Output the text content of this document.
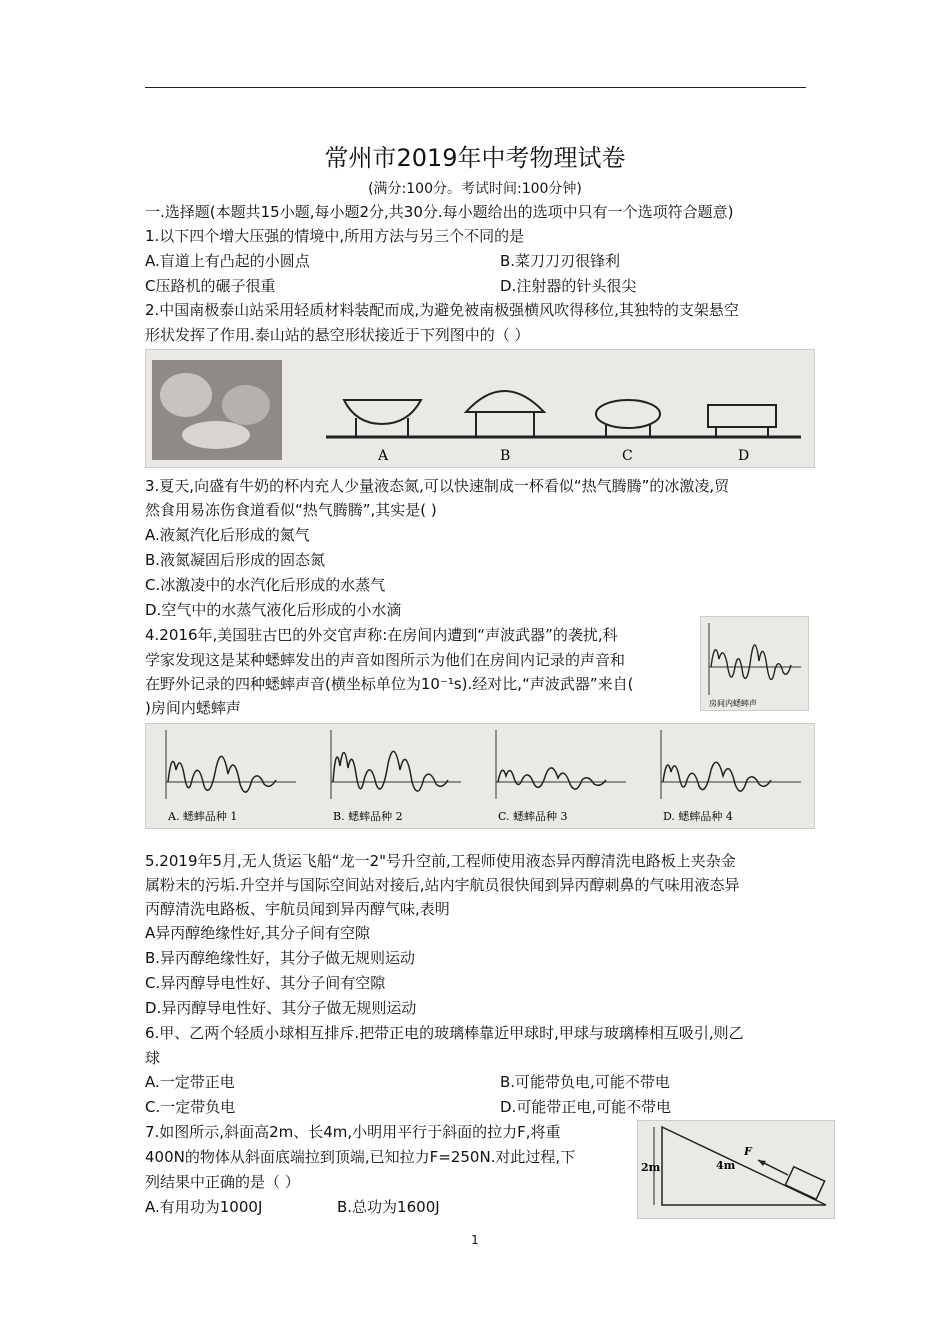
常州市2019年中考物理试卷
(满分:100分。考试时间:100分钟)
一.选择题(本题共15小题,每小题2分,共30分.每小题给出的选项中只有一个选项符合题意)
1.以下四个增大压强的情境中,所用方法与另三个不同的是
A.盲道上有凸起的小圆点	B.菜刀刀刃很锋利
C压路机的碾子很重	D.注射器的针头很尖
2.中国南极泰山站采用轻质材料装配而成,为避免被南极强横风吹得移位,其独特的支架悬空
形状发挥了作用.泰山站的悬空形状接近于下列图中的（ ）
A	B	C	D
3.夏天,向盛有牛奶的杯内充人少量液态氮,可以快速制成一杯看似“热气腾腾”的冰激凌,贸
然食用易冻伤食道看似“热气腾腾”,其实是( )
A.液氮汽化后形成的氮气
B.液氮凝固后形成的固态氮
C.冰激凌中的水汽化后形成的水蒸气
D.空气中的水蒸气液化后形成的小水滴
4.2016年,美国驻古巴的外交官声称:在房间内遭到“声波武器”的袭扰,科
学家发现这是某种蟋蟀发出的声音如图所示为他们在房间内记录的声音和
在野外记录的四种蟋蟀声音(横坐标单位为10⁻¹s).经对比,“声波武器”来自(
)房间内蟋蟀声	房间内蟋蟀声
A. 蟋蟀品种 1	B. 蟋蟀品种 2	C. 蟋蟀品种 3	D. 蟋蟀品种 4
5.2019年5月,无人货运飞船“龙一2"号升空前,工程师使用液态异丙醇清洗电路板上夹杂金
属粉末的污垢.升空并与国际空间站对接后,站内宇航员很快闻到异丙醇刺鼻的气味用液态异
丙醇清洗电路板、宇航员闻到异丙醇气味,表明
A异丙醇绝缘性好,其分子间有空隙
B.异丙醇绝缘性好，其分子做无规则运动
C.异丙醇导电性好、其分子间有空隙
D.异丙醇导电性好、其分子做无规则运动
6.甲、乙两个轻质小球相互排斥.把带正电的玻璃棒靠近甲球时,甲球与玻璃棒相互吸引,则乙
球
A.一定带正电	B.可能带负电,可能不带电
C.一定带负电	D.可能带正电,可能不带电
7.如图所示,斜面高2m、长4m,小明用平行于斜面的拉力F,将重
400N的物体从斜面底端拉到顶端,已知拉力F=250N.对此过程,下
列结果中正确的是（ ）
A.有用功为1000J	B.总功为1600J
2m	4m
F
1
